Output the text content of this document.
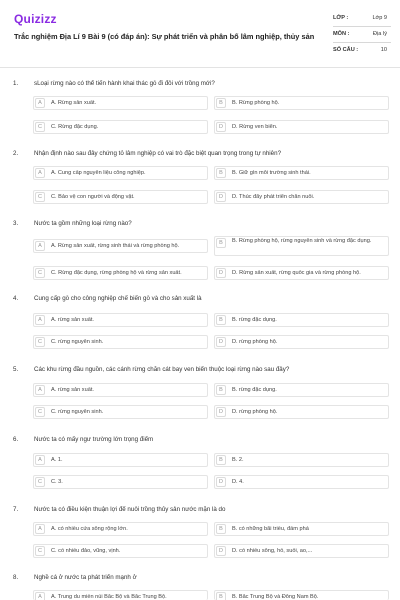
Quizizz
Trắc nghiệm Địa Lí 9 Bài 9 (có đáp án): Sự phát triển và phân bố lâm nghiệp, thủy sản
LỚP :	Lớp 9
MÔN :	Địa lý
SỐ CÂU :	10
1.	sLoại rừng nào có thể tiến hành khai thác gỗ đi đôi với trồng mới?
A	A. Rừng sản xuất.	B	B. Rừng phòng hộ.
C	C. Rừng đặc dụng.	D	D. Rừng ven biển.
2.	Nhận định nào sau đây chứng tỏ lâm nghiệp có vai trò đặc biệt quan trọng trong tự nhiên?
A	A. Cung cấp nguyên liệu công nghiệp.	B	B. Giữ gìn môi trường sinh thái.
C	C. Bảo vệ con người và động vật.	D	D. Thúc đẩy phát triển chăn nuôi.
3.	Nước ta gồm những loại rừng nào?
A	A. Rừng sản xuất, rừng sinh thái và rừng phòng hộ.	B	B. Rừng phòng hộ, rừng nguyên sinh và rừng đặc dụng.
C	C. Rừng đặc dụng, rừng phòng hộ và rừng sản xuất.	D	D. Rừng sản xuất, rừng quốc gia và rừng phòng hộ.
4.	Cung cấp gỗ cho công nghiệp chế biến gỗ và cho sản xuất là
A	A. rừng sản xuất.	B	B. rừng đặc dụng.
C	C. rừng nguyên sinh.	D	D. rừng phòng hộ.
5.	Các khu rừng đầu nguồn, các cánh rừng chắn cát bay ven biển thuộc loại rừng nào sau đây?
A	A. rừng sản xuất.	B	B. rừng đặc dụng.
C	C. rừng nguyên sinh.	D	D. rừng phòng hộ.
6.	Nước ta có mấy ngư trường lớn trọng điểm
A	A. 1.	B	B. 2.
C	C. 3.	D	D. 4.
7.	Nước ta có điều kiện thuận lợi để nuôi trồng thủy sản nước mặn là do
A	A. có nhiều cửa sông rộng lớn.	B	B. có những bãi triều, đầm phá
C	C. có nhiều đảo, vũng, vịnh.	D	D. có nhiều sông, hồ, suối, ao,...
8.	Nghề cá ở nước ta phát triển mạnh ở
A	A. Trung du miền núi Bắc Bộ và Bắc Trung Bộ.	B	B. Bắc Trung Bộ và Đông Nam Bộ.
